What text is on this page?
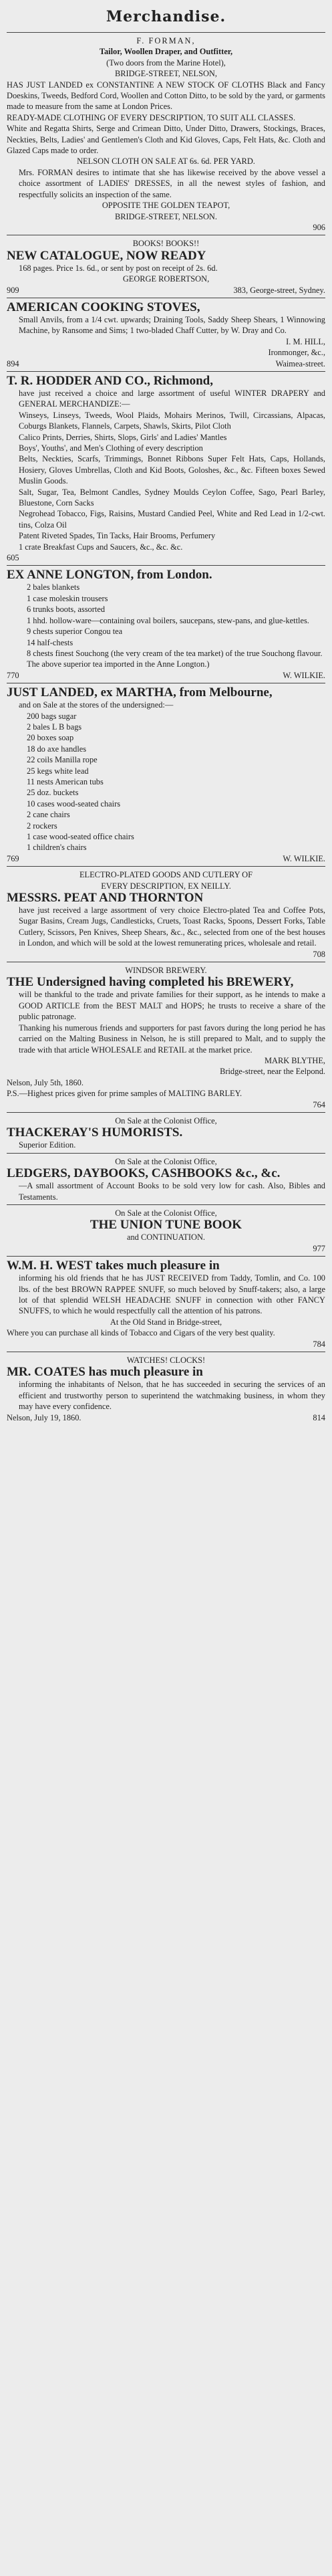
Merchandise.

F. FORMAN,

Tailor, Woollen Draper, and Outfitter,

(Two doors from the Marine Hotel),

BRIDGE-STREET, NELSON,

HAS JUST LANDED ex CONSTANTINE A NEW STOCK OF CLOTHS Black and Fancy Doeskins, Tweeds, Bedford Cord, Woollen and Cotton Ditto, to be sold by the yard, or garments made to measure from the same at London Prices.

READY-MADE CLOTHING OF EVERY DESCRIPTION, TO SUIT ALL CLASSES.

White and Regatta Shirts, Serge and Crimean Ditto, Under Ditto, Drawers, Stockings, Braces, Neckties, Belts, Ladies' and Gentlemen's Cloth and Kid Gloves, Caps, Felt Hats, &c. Cloth and Glazed Caps made to order.

NELSON CLOTH ON SALE AT 6s. 6d. PER YARD.

Mrs. FORMAN desires to intimate that she has likewise received by the above vessel a choice assortment of LADIES' DRESSES, in all the newest styles of fashion, and respectfully solicits an inspection of the same.

OPPOSITE THE GOLDEN TEAPOT,

BRIDGE-STREET, NELSON.

906

BOOKS! BOOKS!!

NEW CATALOGUE, NOW READY

168 pages. Price 1s. 6d., or sent by post on receipt of 2s. 6d.

GEORGE ROBERTSON,

909	383, George-street, Sydney.

AMERICAN COOKING STOVES,

Small Anvils, from a 1/4 cwt. upwards; Draining Tools, Saddy Sheep Shears, 1 Winnowing Machine, by Ransome and Sims; 1 two-bladed Chaff Cutter, by W. Dray and Co.

I. M. HILL,

Ironmonger, &c.,

894	Waimea-street.

T. R. HODDER AND CO., Richmond,

have just received a choice and large assortment of useful WINTER DRAPERY and GENERAL MERCHANDIZE:—

Winseys, Linseys, Tweeds, Wool Plaids, Mohairs Merinos, Twill, Circassians, Alpacas, Coburgs Blankets, Flannels, Carpets, Shawls, Skirts, Pilot Cloth

Calico Prints, Derries, Shirts, Slops, Girls' and Ladies' Mantles

Boys', Youths', and Men's Clothing of every description

Belts, Neckties, Scarfs, Trimmings, Bonnet Ribbons Super Felt Hats, Caps, Hollands, Hosiery, Gloves Umbrellas, Cloth and Kid Boots, Goloshes, &c., &c. Fifteen boxes Sewed Muslin Goods.

Salt, Sugar, Tea, Belmont Candles, Sydney Moulds Ceylon Coffee, Sago, Pearl Barley, Bluestone, Corn Sacks

Negrohead Tobacco, Figs, Raisins, Mustard Candied Peel, White and Red Lead in 1/2-cwt. tins, Colza Oil

Patent Riveted Spades, Tin Tacks, Hair Brooms, Perfumery

1 crate Breakfast Cups and Saucers, &c., &c. &c.

605

EX ANNE LONGTON, from London.

2 bales blankets

1 case moleskin trousers

6 trunks boots, assorted

1 hhd. hollow-ware—containing oval boilers, saucepans, stew-pans, and glue-kettles.

9 chests superior Congou tea

14 half-chests

8 chests finest Souchong (the very cream of the tea market) of the true Souchong flavour.

The above superior tea imported in the Anne Longton.)

770	W. WILKIE.

JUST LANDED, ex MARTHA, from Melbourne,

and on Sale at the stores of the undersigned:—

200 bags sugar

2 bales L B bags

20 boxes soap

18 do axe handles

22 coils Manilla rope

25 kegs white lead

11 nests American tubs

25 doz. buckets

10 cases wood-seated chairs

2 cane chairs

2 rockers

1 case wood-seated office chairs

1 children's chairs

769	W. WILKIE.

ELECTRO-PLATED GOODS AND CUTLERY OF

EVERY DESCRIPTION, EX NEILLY.

MESSRS. PEAT AND THORNTON

have just received a large assortment of very choice Electro-plated Tea and Coffee Pots, Sugar Basins, Cream Jugs, Candlesticks, Cruets, Toast Racks, Spoons, Dessert Forks, Table Cutlery, Scissors, Pen Knives, Sheep Shears, &c., &c., selected from one of the best houses in London, and which will be sold at the lowest remunerating prices, wholesale and retail.

708

WINDSOR BREWERY.

THE Undersigned having completed his BREWERY,

will be thankful to the trade and private families for their support, as he intends to make a GOOD ARTICLE from the BEST MALT and HOPS; he trusts to receive a share of the public patronage.

Thanking his numerous friends and supporters for past favors during the long period he has carried on the Malting Business in Nelson, he is still prepared to Malt, and to supply the trade with that article WHOLESALE and RETAIL at the market price.

MARK BLYTHE,

Bridge-street, near the Eelpond.

Nelson, July 5th, 1860.

P.S.—Highest prices given for prime samples of MALTING BARLEY.

764

On Sale at the Colonist Office,

THACKERAY'S HUMORISTS.

Superior Edition.

On Sale at the Colonist Office,

LEDGERS, DAYBOOKS, CASHBOOKS &c., &c.

—A small assortment of Account Books to be sold very low for cash. Also, Bibles and Testaments.

On Sale at the Colonist Office,

THE UNION TUNE BOOK

and CONTINUATION.

977

W.M. H. WEST takes much pleasure in

informing his old friends that he has JUST RECEIVED from Taddy, Tomlin, and Co. 100 lbs. of the best BROWN RAPPEE SNUFF, so much beloved by Snuff-takers; also, a large lot of that splendid WELSH HEADACHE SNUFF in connection with other FANCY SNUFFS, to which he would respectfully call the attention of his patrons.

At the Old Stand in Bridge-street,

Where you can purchase all kinds of Tobacco and Cigars of the very best quality.

784

WATCHES! CLOCKS!

MR. COATES has much pleasure in

informing the inhabitants of Nelson, that he has succeeded in securing the services of an efficient and trustworthy person to superintend the watchmaking business, in whom they may have every confidence.

Nelson, July 19, 1860.	814
